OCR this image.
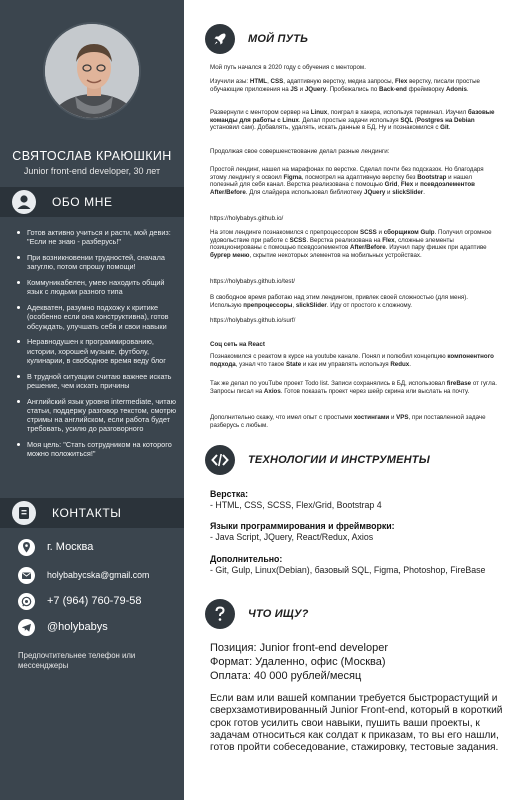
СВЯТОСЛАВ КРАЮШКИН
Junior front-end developer, 30 лет
ОБО МНЕ
Готов активно учиться и расти, мой девиз: "Если не знаю - разберусь!"
При возникновении трудностей, сначала загуглю, потом спрошу помощи!
Коммуникабелен, умею находить общий язык с людьми разного типа
Адекватен, разумно подхожу к критике (особенно если она конструктивна), готов обсуждать, улучшать себя и свои навыки
Неравнодушен к программированию, истории, хорошей музыке, футболу, кулинарии, в свободное время веду блог
В трудной ситуации считаю важнее искать решение, чем искать причины
Английский язык уровня intermediate, читаю статьи, поддержу разговор текстом, смотрю стримы на английском, если работа будет требовать, усилю до разговорного
Моя цель: "Стать сотрудником на которого можно положиться!"
КОНТАКТЫ
г. Москва
holybabycska@gmail.com
+7 (964) 760-79-58
@holybabys
Предпочтительнее телефон или мессенджеры
МОЙ ПУТЬ
Мой путь начался в 2020 году с обучения с ментором.
Изучили азы: HTML, CSS, адаптивную верстку, медиа запросы, Flex верстку, писали простые обучающие приложения на JS и JQuery. Пробежались по Back-end фреймворку Adonis.
Развернули с ментором сервер на Linux, поиграл в хакера, используя терминал. Изучил базовые команды для работы с Linux. Делал простые задачи используя SQL (Postgres на Debian установил сам). Добавлять, удалять, искать данные в БД. Ну и познакомился с Git.
Продолжая свое совершенствование делал разные лендинги:
Простой лендинг, нашел на марафонах по верстке. Сделал почти без подсказок. Но благодаря этому лендингу я освоил Figma, посмотрел на адаптивную верстку без Bootstrap и нашел полезный для себя канал. Верстка реализована с помощью Grid, Flex и псевдоэлементов After/Before. Для слайдера использовал библиотеку JQuery и slickSlider.
https://holybabys.github.io/
На этом лендинге познакомился с препроцессором SCSS и сборщиком Gulp. Получил огромное удовольствие при работе с SCSS. Верстка реализована на Flex, сложные элементы позиционированы с помощью псевдоэлементов After/Before. Изучил пару фишек при адаптиве бургер меню, скрытие некоторых элементов на мобильных устройствах.
https://holybabys.github.io/test/
В свободное время работаю над этим лендингом, привлек своей сложностью (для меня). Использую препроцессоры, slickSlider. Иду от простого к сложному.
https://holybabys.github.io/surf/
Соц сеть на React
Познакомился с реактом в курсе на youtube канале. Понял и полюбил концепцию компонентного подхода, узнал что такое State и как им управлять используя Redux.
Так же делал по youTube проект Todo list. Записи сохранялись в БД, использовал fireBase от гугла. Запросы писал на Axios. Готов показать проект через шейр скрина или выслать на почту.
Дополнительно скажу, что имел опыт с простыми хостингами и VPS, при поставленной задаче разберусь с любым.
ТЕХНОЛОГИИ И ИНСТРУМЕНТЫ
Верстка:
- HTML, CSS, SCSS, Flex/Grid, Bootstrap 4
Языки программирования и фреймворки:
- Java Script, JQuery, React/Redux, Axios
Дополнительно:
- Git, Gulp, Linux(Debian), базовый SQL, Figma, Photoshop, FireBase
ЧТО ИЩУ?
Позиция: Junior front-end developer
Формат: Удаленно, офис (Москва)
Оплата: 40 000 рублей/месяц
Если вам или вашей компании требуется быстрорастущий и сверхзамотивированный Junior Front-end, который в короткий срок готов усилить свои навыки, пушить ваши проекты, к задачам относиться как солдат к приказам, то вы его нашли, готов пройти собеседование, стажировку, тестовые задания.
